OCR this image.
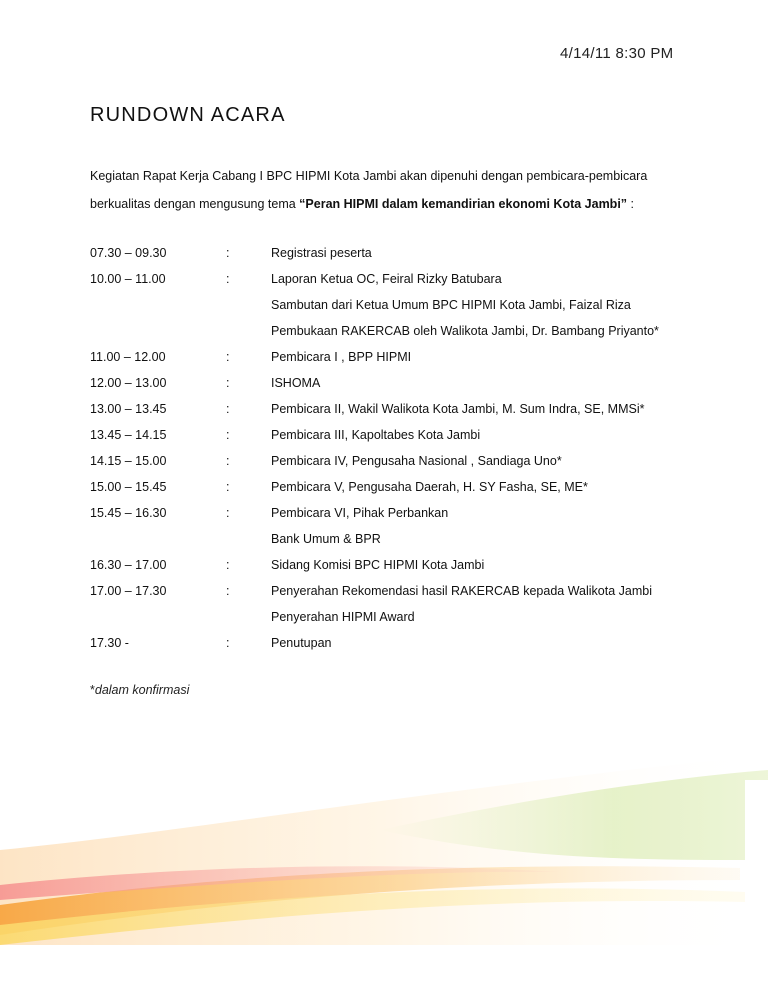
4/14/11 8:30 PM
RUNDOWN ACARA
Kegiatan Rapat Kerja Cabang I BPC HIPMI Kota Jambi akan dipenuhi dengan pembicara-pembicara
berkualitas dengan mengusung tema “Peran HIPMI dalam kemandirian ekonomi Kota Jambi” :
07.30 – 09.30	:	Registrasi peserta
10.00 – 11.00	:	Laporan Ketua OC, Feiral Rizky Batubara
Sambutan dari Ketua Umum BPC HIPMI Kota Jambi, Faizal Riza
Pembukaan RAKERCAB oleh Walikota Jambi, Dr. Bambang Priyanto*
11.00 – 12.00	:	Pembicara I , BPP HIPMI
12.00 – 13.00	:	ISHOMA
13.00 – 13.45	:	Pembicara II, Wakil Walikota Kota Jambi, M. Sum Indra, SE, MMSi*
13.45 – 14.15	:	Pembicara III, Kapoltabes Kota Jambi
14.15 – 15.00	:	Pembicara IV, Pengusaha Nasional , Sandiaga Uno*
15.00 – 15.45	:	Pembicara V, Pengusaha Daerah, H. SY Fasha, SE, ME*
15.45 – 16.30	:	Pembicara VI, Pihak Perbankan
Bank Umum & BPR
16.30 – 17.00	:	Sidang Komisi BPC HIPMI Kota Jambi
17.00 – 17.30	:	Penyerahan Rekomendasi hasil RAKERCAB kepada Walikota Jambi
Penyerahan HIPMI Award
17.30 -	:	Penutupan
*dalam konfirmasi
